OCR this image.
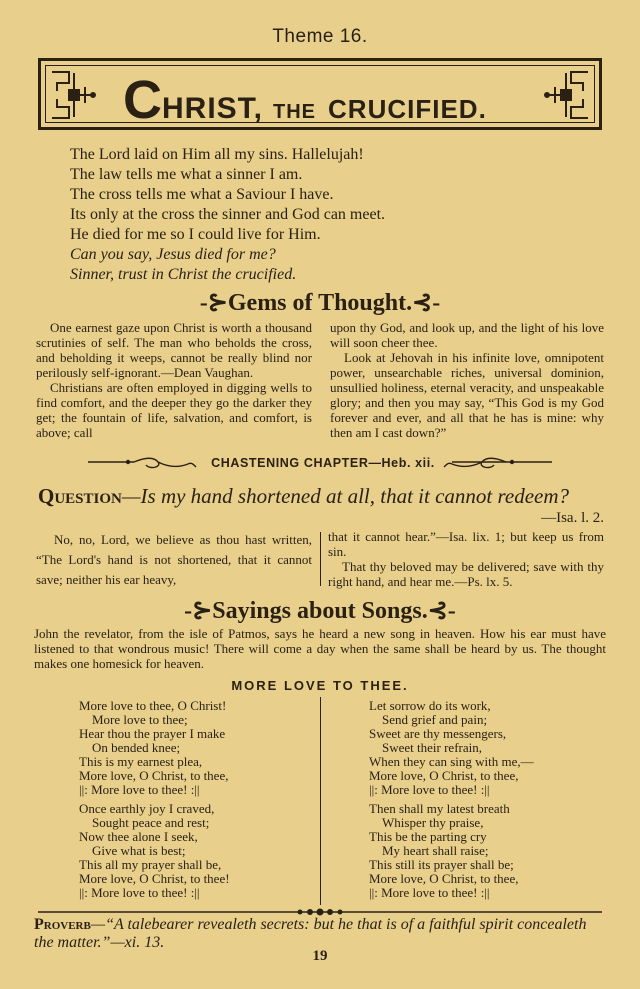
Theme 16.
CHRIST, THE CRUCIFIED.
The Lord laid on Him all my sins. Hallelujah!
The law tells me what a sinner I am.
The cross tells me what a Saviour I have.
Its only at the cross the sinner and God can meet.
He died for me so I could live for Him.
Can you say, Jesus died for me?
Sinner, trust in Christ the crucified.
-⊱Gems of Thought.⊰-

One earnest gaze upon Christ is worth a thousand scrutinies of self. The man who beholds the cross, and beholding it weeps, cannot be really blind nor perilously self-ignorant.—Dean Vaughan.

Christians are often employed in digging wells to find comfort, and the deeper they go the darker they get; the fountain of life, salvation, and comfort, is above; call

upon thy God, and look up, and the light of his love will soon cheer thee.

Look at Jehovah in his infinite love, omnipotent power, unsearchable riches, universal dominion, unsullied holiness, eternal veracity, and unspeakable glory; and then you may say, “This God is my God forever and ever, and all that he has is mine: why then am I cast down?”

CHASTENING CHAPTER—Heb. xii.
Question—Is my hand shortened at all, that it cannot redeem?
—Isa. l. 2.

No, no, Lord, we believe as thou hast written, “The Lord's hand is not shortened, that it cannot save; neither his ear heavy,

that it cannot hear.”—Isa. lix. 1; but keep us from sin.

That thy beloved may be delivered; save with thy right hand, and hear me.—Ps. lx. 5.

-⊱Sayings about Songs.⊰-
John the revelator, from the isle of Patmos, says he heard a new song in heaven. How his ear must have listened to that wondrous music! There will come a day when the same shall be heard by us. The thought makes one homesick for heaven.
MORE LOVE TO THEE.
More love to thee, O Christ!
More love to thee;
Hear thou the prayer I make
On bended knee;
This is my earnest plea,
More love, O Christ, to thee,
||: More love to thee! :||
Once earthly joy I craved,
Sought peace and rest;
Now thee alone I seek,
Give what is best;
This all my prayer shall be,
More love, O Christ, to thee!
||: More love to thee! :||
Let sorrow do its work,
Send grief and pain;
Sweet are thy messengers,
Sweet their refrain,
When they can sing with me,—
More love, O Christ, to thee,
||: More love to thee! :||
Then shall my latest breath
Whisper thy praise,
This be the parting cry
My heart shall raise;
This still its prayer shall be;
More love, O Christ, to thee,
||: More love to thee! :||
Proverb—“A talebearer revealeth secrets: but he that is of a faithful spirit concealeth the matter.”—xi. 13.
19
